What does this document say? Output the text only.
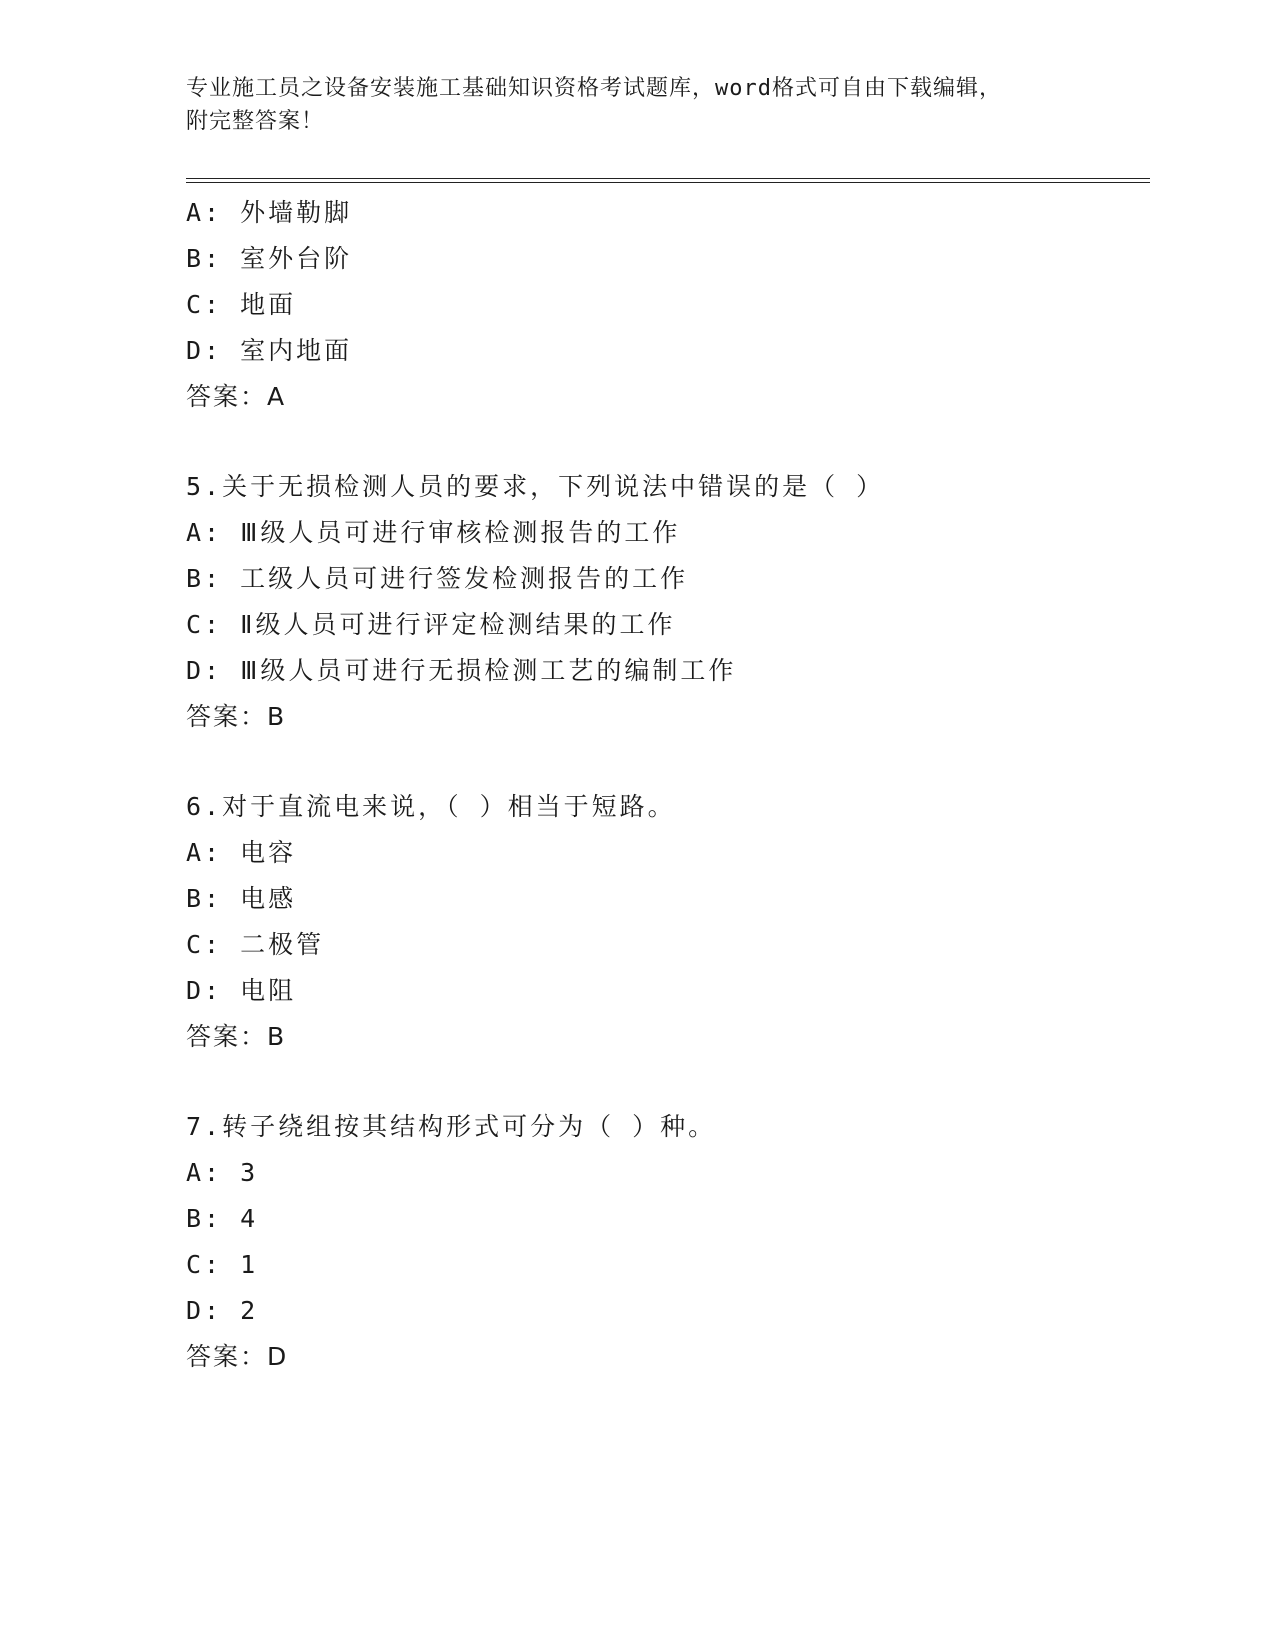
专业施工员之设备安装施工基础知识资格考试题库，word格式可自由下载编辑，
附完整答案！
A: 外墙勒脚
B: 室外台阶
C: 地面
D: 室内地面
答案：A
5.关于无损检测人员的要求，下列说法中错误的是（ ）
A: Ⅲ级人员可进行审核检测报告的工作
B: 工级人员可进行签发检测报告的工作
C: Ⅱ级人员可进行评定检测结果的工作
D: Ⅲ级人员可进行无损检测工艺的编制工作
答案：B
6.对于直流电来说，（ ）相当于短路。
A: 电容
B: 电感
C: 二极管
D: 电阻
答案：B
7.转子绕组按其结构形式可分为（ ）种。
A: 3
B: 4
C: 1
D: 2
答案：D
